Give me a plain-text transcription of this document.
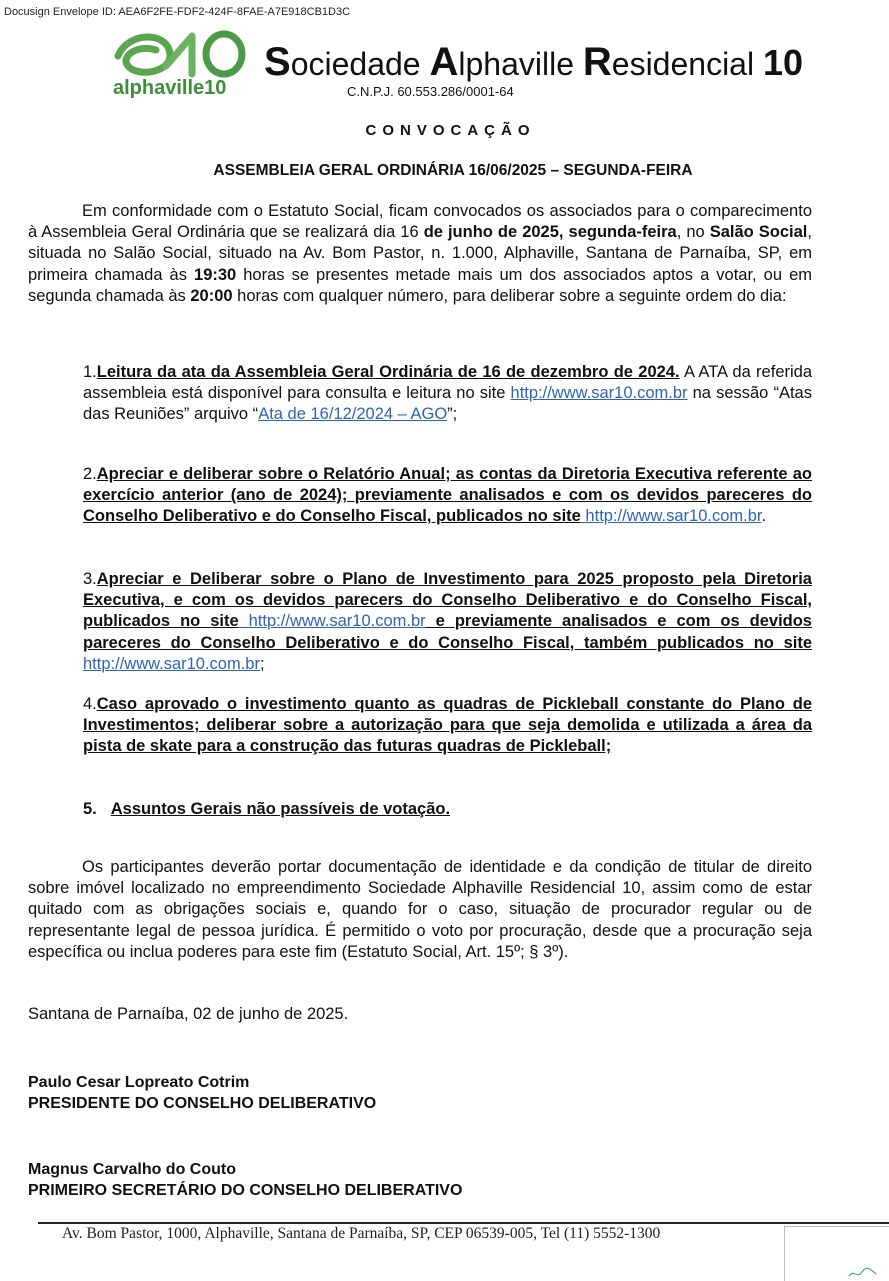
Docusign Envelope ID: AEA6F2FE-FDF2-424F-8FAE-A7E918CB1D3C
alphaville10
Sociedade Alphaville Residencial 10
C.N.P.J. 60.553.286/0001-64
CONVOCAÇÃO
ASSEMBLEIA GERAL ORDINÁRIA 16/06/2025 – SEGUNDA-FEIRA
Em conformidade com o Estatuto Social, ficam convocados os associados para o comparecimento à Assembleia Geral Ordinária que se realizará dia 16 de junho de 2025, segunda-feira, no Salão Social, situada no Salão Social, situado na Av. Bom Pastor, n. 1.000, Alphaville, Santana de Parnaíba, SP, em primeira chamada às 19:30 horas se presentes metade mais um dos associados aptos a votar, ou em segunda chamada às 20:00 horas com qualquer número, para deliberar sobre a seguinte ordem do dia:
1.Leitura da ata da Assembleia Geral Ordinária de 16 de dezembro de 2024. A ATA da referida assembleia está disponível para consulta e leitura no site http://www.sar10.com.br na sessão “Atas das Reuniões” arquivo “Ata de 16/12/2024 – AGO”;
2.Apreciar e deliberar sobre o Relatório Anual; as contas da Diretoria Executiva referente ao exercício anterior (ano de 2024); previamente analisados e com os devidos pareceres do Conselho Deliberativo e do Conselho Fiscal, publicados no site http://www.sar10.com.br.
3.Apreciar e Deliberar sobre o Plano de Investimento para 2025 proposto pela Diretoria Executiva, e com os devidos parecers do Conselho Deliberativo e do Conselho Fiscal, publicados no site http://www.sar10.com.br e previamente analisados e com os devidos pareceres do Conselho Deliberativo e do Conselho Fiscal, também publicados no site http://www.sar10.com.br;
4.Caso aprovado o investimento quanto as quadras de Pickleball constante do Plano de Investimentos; deliberar sobre a autorização para que seja demolida e utilizada a área da pista de skate para a construção das futuras quadras de Pickleball;
5. Assuntos Gerais não passíveis de votação.
Os participantes deverão portar documentação de identidade e da condição de titular de direito sobre imóvel localizado no empreendimento Sociedade Alphaville Residencial 10, assim como de estar quitado com as obrigações sociais e, quando for o caso, situação de procurador regular ou de representante legal de pessoa jurídica. É permitido o voto por procuração, desde que a procuração seja específica ou inclua poderes para este fim (Estatuto Social, Art. 15º; § 3º).
Santana de Parnaíba, 02 de junho de 2025.
Paulo Cesar Lopreato Cotrim
PRESIDENTE DO CONSELHO DELIBERATIVO
Magnus Carvalho do Couto
PRIMEIRO SECRETÁRIO DO CONSELHO DELIBERATIVO
Av. Bom Pastor, 1000, Alphaville, Santana de Parnaíba, SP, CEP 06539-005, Tel (11) 5552-1300
